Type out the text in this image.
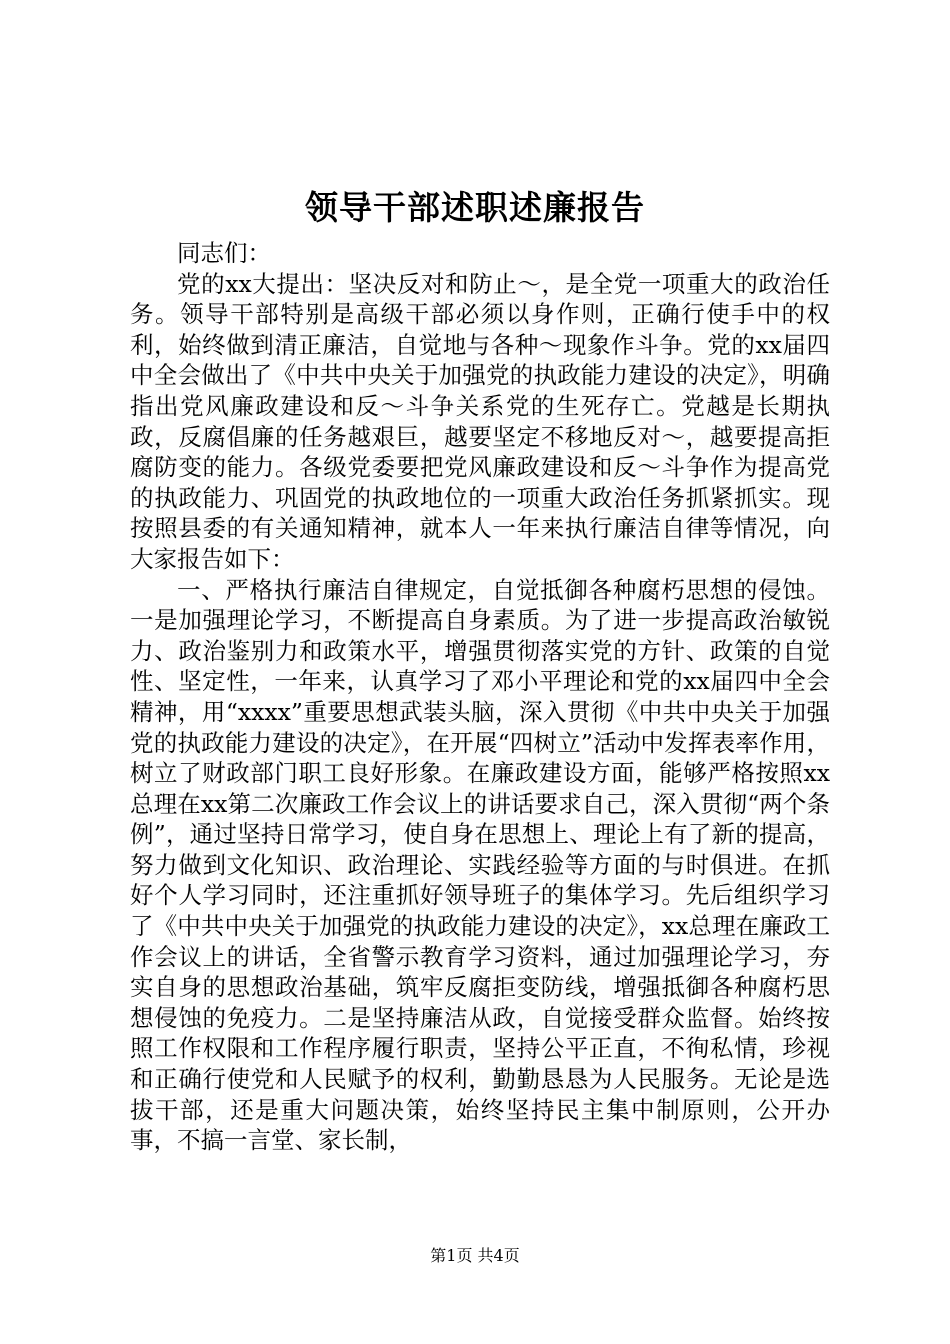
领导干部述职述廉报告

同志们：

党的xx大提出：坚决反对和防止～，是全党一项重大的政治任务。领导干部特别是高级干部必须以身作则，正确行使手中的权利，始终做到清正廉洁，自觉地与各种～现象作斗争。党的xx届四中全会做出了《中共中央关于加强党的执政能力建设的决定》，明确指出党风廉政建设和反～斗争关系党的生死存亡。党越是长期执政，反腐倡廉的任务越艰巨，越要坚定不移地反对～，越要提高拒腐防变的能力。各级党委要把党风廉政建设和反～斗争作为提高党的执政能力、巩固党的执政地位的一项重大政治任务抓紧抓实。现按照县委的有关通知精神，就本人一年来执行廉洁自律等情况，向大家报告如下：

一、严格执行廉洁自律规定，自觉抵御各种腐朽思想的侵蚀。一是加强理论学习，不断提高自身素质。为了进一步提高政治敏锐力、政治鉴别力和政策水平，增强贯彻落实党的方针、政策的自觉性、坚定性，一年来，认真学习了邓小平理论和党的xx届四中全会精神，用“xxxx”重要思想武装头脑，深入贯彻《中共中央关于加强党的执政能力建设的决定》，在开展“四树立”活动中发挥表率作用，树立了财政部门职工良好形象。在廉政建设方面，能够严格按照xx总理在xx第二次廉政工作会议上的讲话要求自己，深入贯彻“两个条例”，通过坚持日常学习，使自身在思想上、理论上有了新的提高，努力做到文化知识、政治理论、实践经验等方面的与时俱进。在抓好个人学习同时，还注重抓好领导班子的集体学习。先后组织学习了《中共中央关于加强党的执政能力建设的决定》，xx总理在廉政工作会议上的讲话，全省警示教育学习资料，通过加强理论学习，夯实自身的思想政治基础，筑牢反腐拒变防线，增强抵御各种腐朽思想侵蚀的免疫力。二是坚持廉洁从政，自觉接受群众监督。始终按照工作权限和工作程序履行职责，坚持公平正直，不徇私情，珍视和正确行使党和人民赋予的权利，勤勤恳恳为人民服务。无论是选拔干部，还是重大问题决策，始终坚持民主集中制原则，公开办事，不搞一言堂、家长制，

第1页 共4页
